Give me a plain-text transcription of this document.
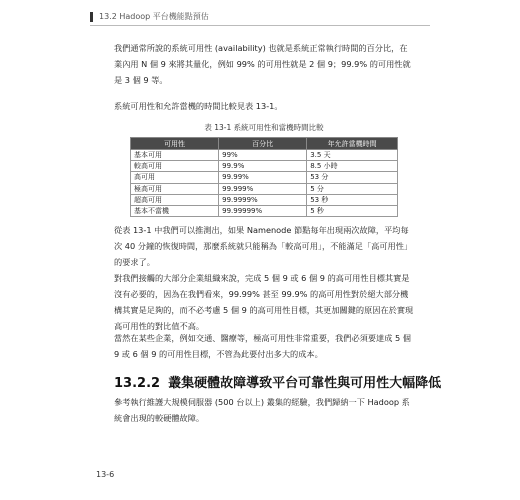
13.2 Hadoop 平台機能點預估

我們通常所說的系統可用性 (availability) 也就是系統正常執行時間的百分比，在業內用 N 個 9 來將其量化，例如 99% 的可用性就是 2 個 9；99.9% 的可用性就是 3 個 9 等。

系統可用性和允許當機的時間比較見表 13-1。

表 13-1 系統可用性和當機時間比較
可用性	百分比	年允許當機時間
基本可用	99%	3.5 天
較高可用	99.9%	8.5 小時
高可用	99.99%	53 分
極高可用	99.999%	5 分
超高可用	99.9999%	53 秒
基本不當機	99.99999%	5 秒

從表 13-1 中我們可以推測出，如果 Namenode 節點每年出現兩次故障，平均每次 40 分鐘的恢復時間，那麼系統就只能稱為「較高可用」，不能滿足「高可用性」的要求了。

對我們接觸的大部分企業組織來說，完成 5 個 9 或 6 個 9 的高可用性目標其實是沒有必要的，因為在我們看來，99.99% 甚至 99.9% 的高可用性對於絕大部分機構其實是足夠的，而不必考慮 5 個 9 的高可用性目標，其更加關鍵的原因在於實現高可用性的對比值不高。

當然在某些企業，例如交通、醫療等，極高可用性非常重要，我們必須要達成 5 個 9 或 6 個 9 的可用性目標，不管為此要付出多大的成本。

13.2.2 叢集硬體故障導致平台可靠性與可用性大幅降低

參考執行維護大規模伺服器 (500 台以上) 叢集的經驗，我們歸納一下 Hadoop 系統會出現的較硬體故障。

13-6
